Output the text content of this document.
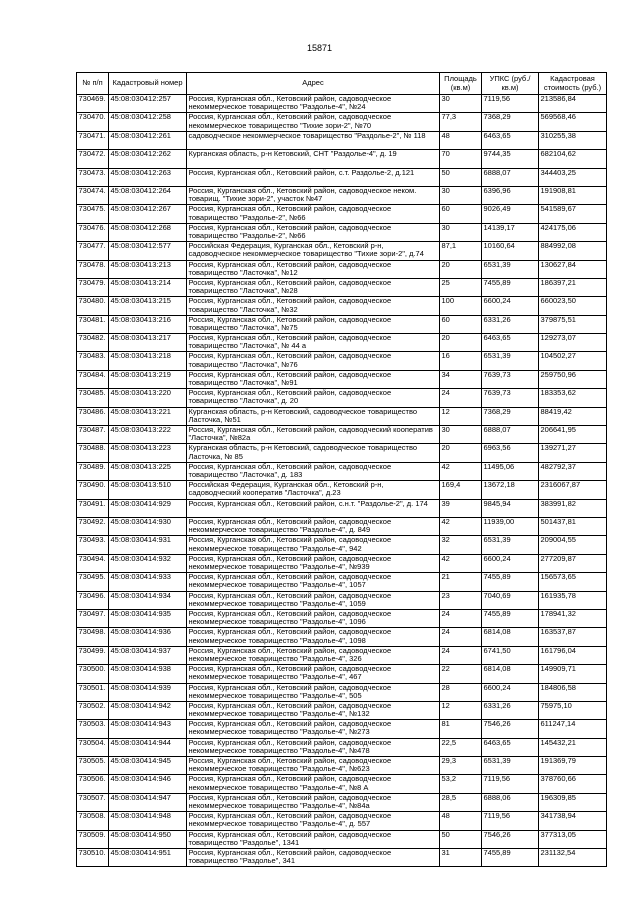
15871
№ п/п	Кадастровый номер	Адрес	Площадь (кв.м)	УПКС (руб./кв.м)	Кадастровая стоимость (руб.)
730469.	45:08:030412:257	Россия, Курганская обл., Кетовский район, садоводческое некоммерческое товарищество "Раздолье-4", №24	30	7119,56	213586,84
730470.	45:08:030412:258	Россия, Курганская обл., Кетовский район, садоводческое некоммерческое товарищество "Тихие зори-2", №70	77,3	7368,29	569568,46
730471.	45:08:030412:261	садоводческое некоммерческое товарищество "Раздолье-2", № 118	48	6463,65	310255,38
730472.	45:08:030412:262	Курганская область, р-н Кетовский, СНТ "Раздолье-4", д. 19	70	9744,35	682104,62
730473.	45:08:030412:263	Россия, Курганская обл., Кетовский район, с.т. Раздолье-2, д.121	50	6888,07	344403,25
730474.	45:08:030412:264	Россия, Курганская обл., Кетовский район, садоводческое неком. товарищ. "Тихие зори-2", участок №47	30	6396,96	191908,81
730475.	45:08:030412:267	Россия, Курганская обл., Кетовский район, садоводческое товарищество "Раздолье-2", №66	60	9026,49	541589,67
730476.	45:08:030412:268	Россия, Курганская обл., Кетовский район, садоводческое товарищество "Раздолье-2", №66	30	14139,17	424175,06
730477.	45:08:030412:577	Российская Федерация, Курганская обл., Кетовский р-н, садоводческое некоммерческое товарищество "Тихие зори-2", д.74	87,1	10160,64	884992,08
730478.	45:08:030413:213	Россия, Курганская обл., Кетовский район, садоводческое товарищество "Ласточка", №12	20	6531,39	130627,84
730479.	45:08:030413:214	Россия, Курганская обл., Кетовский район, садоводческое товарищество "Ласточка", №28	25	7455,89	186397,21
730480.	45:08:030413:215	Россия, Курганская обл., Кетовский район, садоводческое товарищество "Ласточка", №32	100	6600,24	660023,50
730481.	45:08:030413:216	Россия, Курганская обл., Кетовский район, садоводческое товарищество "Ласточка", №75	60	6331,26	379875,51
730482.	45:08:030413:217	Россия, Курганская обл., Кетовский район, садоводческое товарищество "Ласточка", № 44 а	20	6463,65	129273,07
730483.	45:08:030413:218	Россия, Курганская обл., Кетовский район, садоводческое товарищество "Ласточка", №76	16	6531,39	104502,27
730484.	45:08:030413:219	Россия, Курганская обл., Кетовский район, садоводческое товарищество "Ласточка", №91	34	7639,73	259750,96
730485.	45:08:030413:220	Россия, Курганская обл., Кетовский район, садоводческое товарищество "Ласточка", д. 20	24	7639,73	183353,62
730486.	45:08:030413:221	Курганская область, р-н Кетовский, садоводческое товарищество Ласточка, №51	12	7368,29	88419,42
730487.	45:08:030413:222	Россия, Курганская обл., Кетовский район, садоводческий кооператив "Ласточка", №82а	30	6888,07	206641,95
730488.	45:08:030413:223	Курганская область, р-н Кетовский, садоводческое товарищество Ласточка, № 85	20	6963,56	139271,27
730489.	45:08:030413:225	Россия, Курганская обл., Кетовский район, садоводческое товарищество "Ласточка", д. 183	42	11495,06	482792,37
730490.	45:08:030413:510	Российская Федерация, Курганская обл., Кетовский р-н, садоводческий кооператив "Ласточка", д.23	169,4	13672,18	2316067,87
730491.	45:08:030414:929	Россия, Курганская обл., Кетовский район, с.н.т. "Раздолье-2", д. 174	39	9845,94	383991,82
730492.	45:08:030414:930	Россия, Курганская обл., Кетовский район, садоводческое некоммерческое товарищество "Раздолье-4", д. 849	42	11939,00	501437,81
730493.	45:08:030414:931	Россия, Курганская обл., Кетовский район, садоводческое некоммерческое товарищество "Раздолье-4", 942	32	6531,39	209004,55
730494.	45:08:030414:932	Россия, Курганская обл., Кетовский район, садоводческое некоммерческое товарищество "Раздолье-4", №939	42	6600,24	277209,87
730495.	45:08:030414:933	Россия, Курганская обл., Кетовский район, садоводческое некоммерческое товарищество "Раздолье-4", 1057	21	7455,89	156573,65
730496.	45:08:030414:934	Россия, Курганская обл., Кетовский район, садоводческое некоммерческое товарищество "Раздолье-4", 1059	23	7040,69	161935,78
730497.	45:08:030414:935	Россия, Курганская обл., Кетовский район, садоводческое некоммерческое товарищество "Раздолье-4", 1096	24	7455,89	178941,32
730498.	45:08:030414:936	Россия, Курганская обл., Кетовский район, садоводческое некоммерческое товарищество "Раздолье-4", 1098	24	6814,08	163537,87
730499.	45:08:030414:937	Россия, Курганская обл., Кетовский район, садоводческое некоммерческое товарищество "Раздолье-4", 326	24	6741,50	161796,04
730500.	45:08:030414:938	Россия, Курганская обл., Кетовский район, садоводческое некоммерческое товарищество "Раздолье-4", 467	22	6814,08	149909,71
730501.	45:08:030414:939	Россия, Курганская обл., Кетовский район, садоводческое некоммерческое товарищество "Раздолье-4", 505	28	6600,24	184806,58
730502.	45:08:030414:942	Россия, Курганская обл., Кетовский район, садоводческое некоммерческое товарищество "Раздолье-4", №132	12	6331,26	75975,10
730503.	45:08:030414:943	Россия, Курганская обл., Кетовский район, садоводческое некоммерческое товарищество "Раздолье-4", №273	81	7546,26	611247,14
730504.	45:08:030414:944	Россия, Курганская обл., Кетовский район, садоводческое некоммерческое товарищество "Раздолье-4", №478	22,5	6463,65	145432,21
730505.	45:08:030414:945	Россия, Курганская обл., Кетовский район, садоводческое некоммерческое товарищество "Раздолье-4", №623	29,3	6531,39	191369,79
730506.	45:08:030414:946	Россия, Курганская обл., Кетовский район, садоводческое некоммерческое товарищество "Раздолье-4", №8 А	53,2	7119,56	378760,66
730507.	45:08:030414:947	Россия, Курганская обл., Кетовский район, садоводческое некоммерческое товарищество "Раздолье-4", №84а	28,5	6888,06	196309,85
730508.	45:08:030414:948	Россия, Курганская обл., Кетовский район, садоводческое некоммерческое товарищество "Раздолье-4", д. 557	48	7119,56	341738,94
730509.	45:08:030414:950	Россия, Курганская обл., Кетовский район, садоводческое товарищество "Раздолье", 1341	50	7546,26	377313,05
730510.	45:08:030414:951	Россия, Курганская обл., Кетовский район, садоводческое товарищество "Раздолье", 341	31	7455,89	231132,54
